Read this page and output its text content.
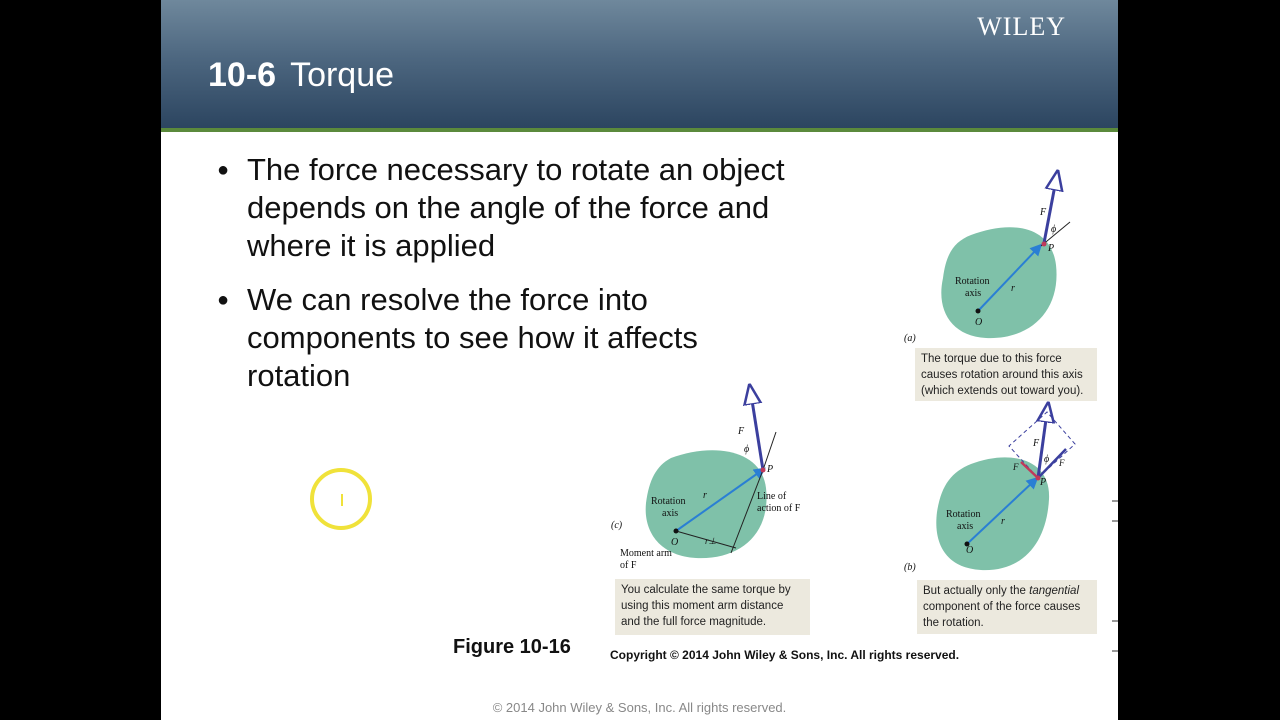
WILEY
10-6 Torque
● The force necessary to rotate an object depends on the angle of the force and where it is applied
● We can resolve the force into components to see how it affects rotation
Rotation
axis	r
O
P
F
ϕ
(a)
The torque due to this force
causes rotation around this axis
(which extends out toward you).
Rotation
axis
r
O
P
F
ϕ
r⊥
Line of
action of F
Moment arm
of F
(c)
You calculate the same torque by
using this moment arm distance
and the full force magnitude.
Rotation
axis	r
O
P
F
ϕ
F	F
(b)
But actually only the tangential
component of the force causes the rotation.
Figure 10-16	Copyright © 2014 John Wiley & Sons, Inc. All rights reserved.
© 2014 John Wiley & Sons, Inc. All rights reserved.
